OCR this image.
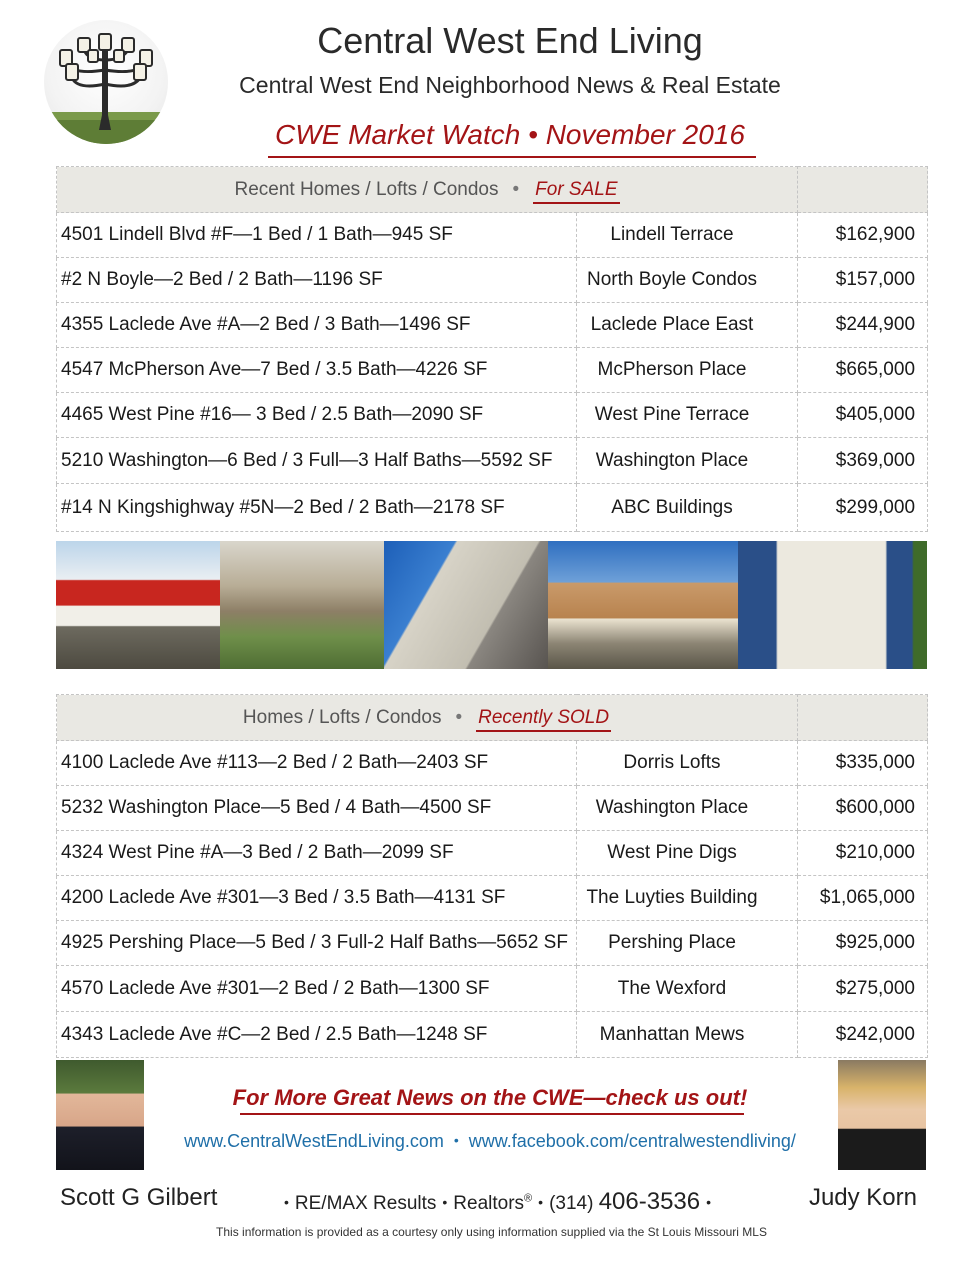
Central West End Living
Central West End Neighborhood News & Real Estate
CWE Market Watch • November 2016
Recent Homes / Lofts / Condos • For SALE		
4501 Lindell Blvd #F—1 Bed / 1 Bath—945 SF	Lindell Terrace	$162,900
#2 N Boyle—2 Bed / 2 Bath—1196 SF	North Boyle Condos	$157,000
4355 Laclede Ave #A—2 Bed / 3 Bath—1496 SF	Laclede Place East	$244,900
4547 McPherson Ave—7 Bed / 3.5 Bath—4226 SF	McPherson Place	$665,000
4465 West Pine #16— 3 Bed / 2.5 Bath—2090 SF	West Pine Terrace	$405,000
5210 Washington—6 Bed / 3 Full—3 Half Baths—5592 SF	Washington Place	$369,000
#14 N Kingshighway #5N—2 Bed / 2 Bath—2178 SF	ABC Buildings	$299,000
Homes / Lofts / Condos • Recently SOLD		
4100 Laclede Ave #113—2 Bed / 2 Bath—2403 SF	Dorris Lofts	$335,000
5232 Washington Place—5 Bed / 4 Bath—4500 SF	Washington Place	$600,000
4324 West Pine #A—3 Bed / 2 Bath—2099 SF	West Pine Digs	$210,000
4200 Laclede Ave #301—3 Bed / 3.5 Bath—4131 SF	The Luyties Building	$1,065,000
4925 Pershing Place—5 Bed / 3 Full-2 Half Baths—5652 SF	Pershing Place	$925,000
4570 Laclede Ave #301—2 Bed / 2 Bath—1300 SF	The Wexford	$275,000
4343 Laclede Ave #C—2 Bed / 2.5 Bath—1248 SF	Manhattan Mews	$242,000
For More Great News on the CWE—check us out!
www.CentralWestEndLiving.com • www.facebook.com/centralwestendliving/
Scott G Gilbert	• RE/MAX Results • Realtors® • (314) 406-3536 •	Judy Korn
This information is provided as a courtesy only using information supplied via the St Louis Missouri MLS
